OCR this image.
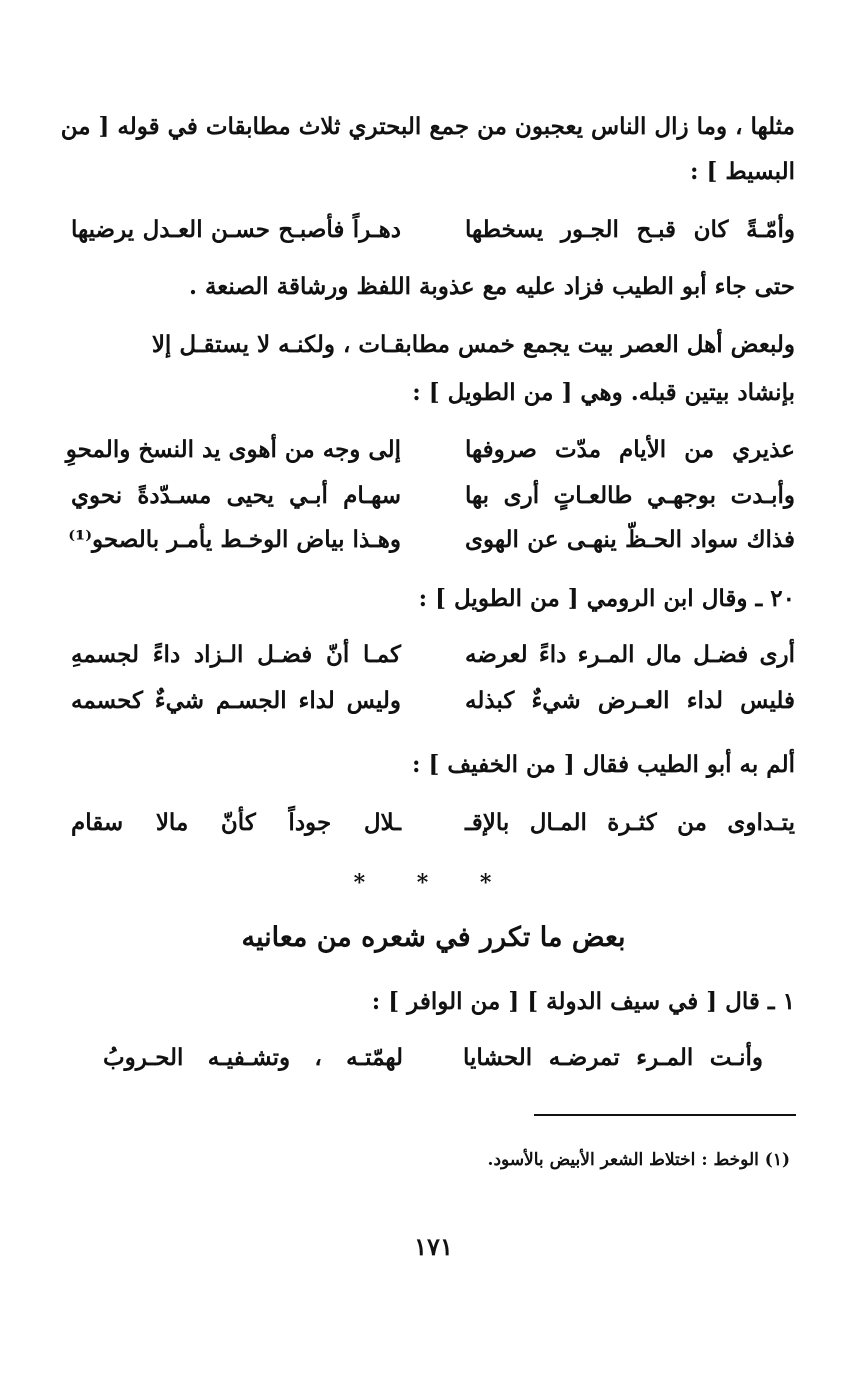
مثلها ، وما زال الناس يعجبون من جمع البحتري ثلاث مطابقات في قوله [ من
البسيط ] :
وأمّـةً كان قبـح الجـور يسخطها
دهـراً فأصبـح حسـن العـدل يرضيها
حتى جاء أبو الطيب فزاد عليه مع عذوبة اللفظ ورشاقة الصنعة .
ولبعض أهل العصر بيت يجمع خمس مطابقـات ، ولكنـه لا يستقـل إلا
بإنشاد بيتين قبله. وهي [ من الطويل ] :
عذيري من الأيام مدّت صروفها
إلى وجه من أهوى يد النسخ والمحوِ
وأبـدت بوجهـي طالعـاتٍ أرى بها
سهـام أبـي يحيى مسـدّدةً نحوي
فذاك سواد الحـظّ ينهـى عن الهوى
وهـذا بياض الوخـط يأمـر بالصحو⁽¹⁾
٢٠ ـ وقال ابن الرومي [ من الطويل ] :
أرى فضـل مال المـرء داءً لعرضه
كمـا أنّ فضـل الـزاد داءً لجسمهِ
فليس لداء العـرض شيءٌ كبذله
وليس لداء الجسـم شيءٌ كحسمه
ألم به أبو الطيب فقال [ من الخفيف ] :
يتـداوى من كثـرة المـال بالإقـ
ـلال جوداً كأنّ مالا سقام
* * *
بعض ما تكرر في شعره من معانيه
١ ـ قال [ في سيف الدولة ] [ من الوافر ] :
وأنـت المـرء تمرضـه الحشايا
لهمّتـه ، وتشـفيـه الحـروبُ
(١) الوخط : اختلاط الشعر الأبيض بالأسود.
١٧١
